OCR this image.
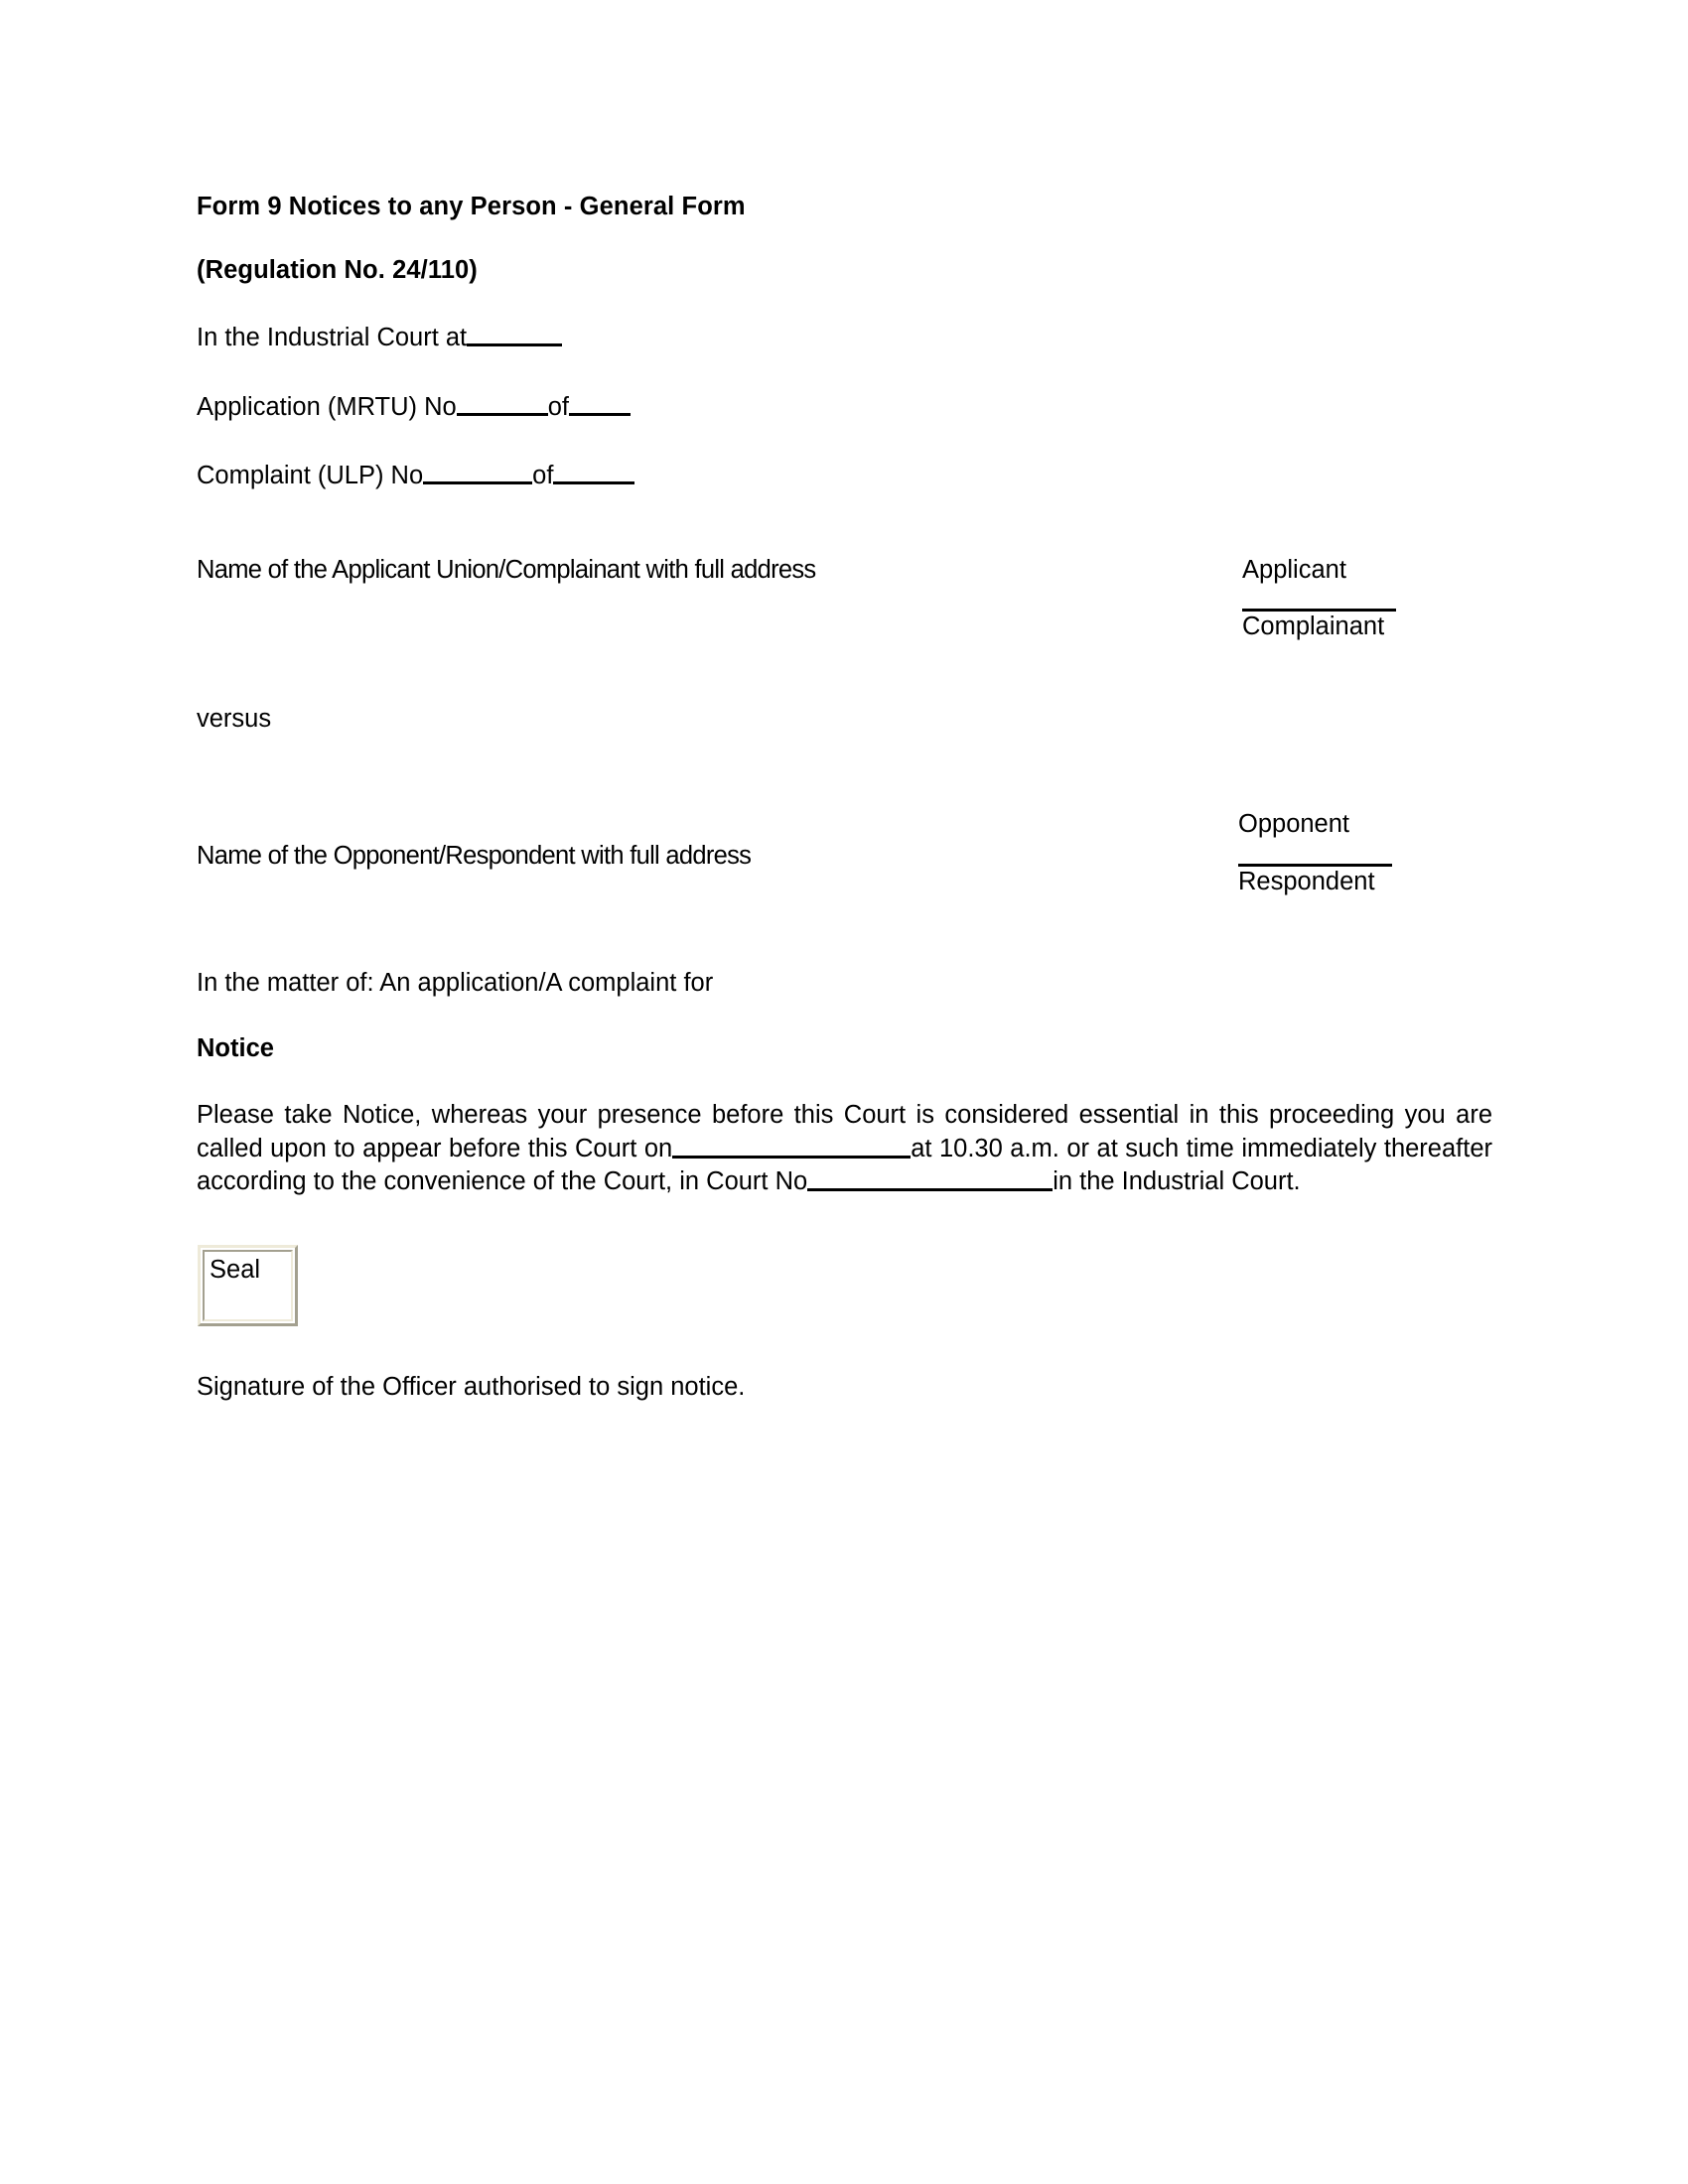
Form 9 Notices to any Person - General Form
(Regulation No. 24/110)
In the Industrial Court at
Application (MRTU) No	of
Complaint (ULP) No	of
Name of the Applicant Union/Complainant with full address	Applicant
Complainant
versus
Name of the Opponent/Respondent with full address
Opponent
Respondent
In the matter of: An application/A complaint for
Notice

Please take Notice, whereas your presence before this Court is considered essential in this proceeding you are called upon to appear before this Court on	at 10.30 a.m. or at such time immediately thereafter according to the convenience of the Court, in Court No	in the Industrial Court.

Seal
Signature of the Officer authorised to sign notice.
